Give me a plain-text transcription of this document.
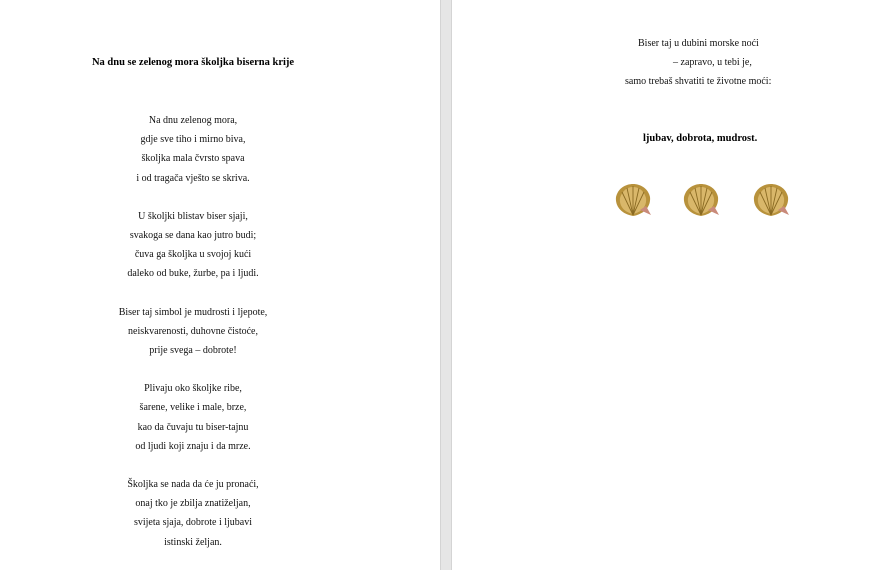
Na dnu se zelenog mora školjka biserna krije
Na dnu zelenog mora,
gdje sve tiho i mirno biva,
školjka mala čvrsto spava
i od tragača vješto se skriva.
U školjki blistav biser sjaji,
svakoga se dana kao jutro budi;
čuva ga školjka u svojoj kući
daleko od buke, žurbe, pa i ljudi.
Biser taj simbol je mudrosti i ljepote,
neiskvarenosti, duhovne čistoće,
prije svega – dobrote!
Plivaju oko školjke ribe,
šarene, velike i male, brze,
kao da čuvaju tu biser-tajnu
od ljudi koji znaju i da mrze.
Školjka se nada da će ju pronaći,
onaj tko je zbilja znatiželjan,
svijeta sjaja, dobrote i ljubavi
istinski željan.
Biser taj u dubini morske noći
– zapravo, u tebi je,
samo trebaš shvatiti te životne moći:
ljubav, dobrota, mudrost.
